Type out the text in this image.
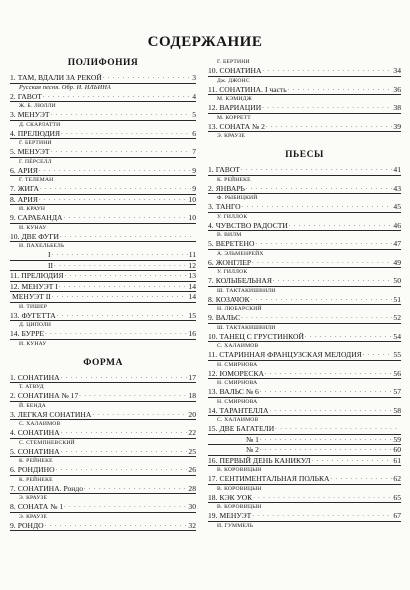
СОДЕРЖАНИЕ
ПОЛИФОНИЯ
1. ТАМ, ВДАЛИ ЗА РЕКОЙ . . .	3
Русская песня. Обр. И. ИЛЬИНА
2. ГАВОТ . . .	4
Ж. Б. ЛЮЛЛИ
3. МЕНУЭТ . . .	5
Д. СКАРЛАТТИ
4. ПРЕЛЮДИЯ . . .	6
Г. БЕРТИНИ
5. МЕНУЭТ . . .	7
Г. ПЁРСЕЛЛ
6. АРИЯ . . .	9
Г. ТЕЛЕМАН
7. ЖИГА . . .	9
8. АРИЯ . . .	10
И. КРАУН
9. САРАБАНДА . . .	10
И. КУНАУ
10. ДВЕ ФУГИ
. . .
И. ПАХЕЛЬБЕЛЬ
I . . .	11
II . . .	12
11. ПРЕЛЮДИЯ . . .	13
12. МЕНУЭТ I . . .	14
МЕНУЭТ II . . .	14
И. ТИШЕР
13. ФУГЕТТА . . .	15
Д. ЦИПОЛИ
14. БУРРЕ . . .	16
И. КУНАУ
ФОРМА
1. СОНАТИНА . . .	17
Т. АТВУД
2. СОНАТИНА № 17 . . .	18
Й. БЕНДА
3. ЛЕГКАЯ СОНАТИНА . . .	20
С. ХАЛАИМОВ
4. СОНАТИНА . . .	22
С. СТЕМПНЕВСКИЙ
5. СОНАТИНА . . .	25
К. РЕЙНЕКЕ
6. РОНДИНО . . .	26
К. РЕЙНЕКЕ
7. СОНАТИНА. Рондо . . .	28
Э. КРАУЗЕ
8. СОНАТА № 1 . . .	30
Э. КРАУЗЕ
9. РОНДО . . .	32
Г. БЕРТИНИ
10. СОНАТИНА . . .	34
Дж. ДЖОНС
11. СОНАТИНА. I часть . . .	36
М. КЭМИДЖ
12. ВАРИАЦИИ . . .	38
М. КОРРЕТТ
13. СОНАТА № 2 . . .	39
Э. КРАУЗЕ
ПЬЕСЫ
1. ГАВОТ . . .	41
К. РЕЙНЕКЕ
2. ЯНВАРЬ . . .	43
Ф. РЫБИЦКИЙ
3. ТАНГО . . .	45
У. ГИЛЛОК
4. ЧУВСТВО РАДОСТИ . . .	46
В. ВИЛМ
5. ВЕРЕТЕНО . . .	47
А. ЭЛЬМЕНРЕЙХ
6. ЖОНГЛЕР . . .	49
У. ГИЛЛОК
7. КОЛЫБЕЛЬНАЯ . . .	50
Ш. ТАКТАКИШВИЛИ
8. КОЗАЧОК . . .	51
Н. ЛЮБАРСКИЙ
9. ВАЛЬС . . .	52
Ш. ТАКТАКИШВИЛИ
10. ТАНЕЦ С ГРУСТИНКОЙ . . .	54
С. ХАЛАИМОВ
11. СТАРИННАЯ ФРАНЦУЗСКАЯ МЕЛОДИЯ . . .	55
Н. СМИРНОВА
12. ЮМОРЕСКА . . .	56
Н. СМИРНОВА
13. ВАЛЬС № 6 . . .	57
Н. СМИРНОВА
14. ТАРАНТЕЛЛА . . .	58
С. ХАЛАИМОВ
15. ДВЕ БАГАТЕЛИ
. . .
№ 1 . . .	59
№ 2 . . .	60
16. ПЕРВЫЙ ДЕНЬ КАНИКУЛ . . .	61
В. КОРОВИЦЫН
17. СЕНТИМЕНТАЛЬНАЯ ПОЛЬКА . . .	62
В. КОРОВИЦЫН
18. КЭК УОК . . .	65
В. КОРОВИЦЫН
19. МЕНУЭТ . . .	67
И. ГУММЕЛЬ
